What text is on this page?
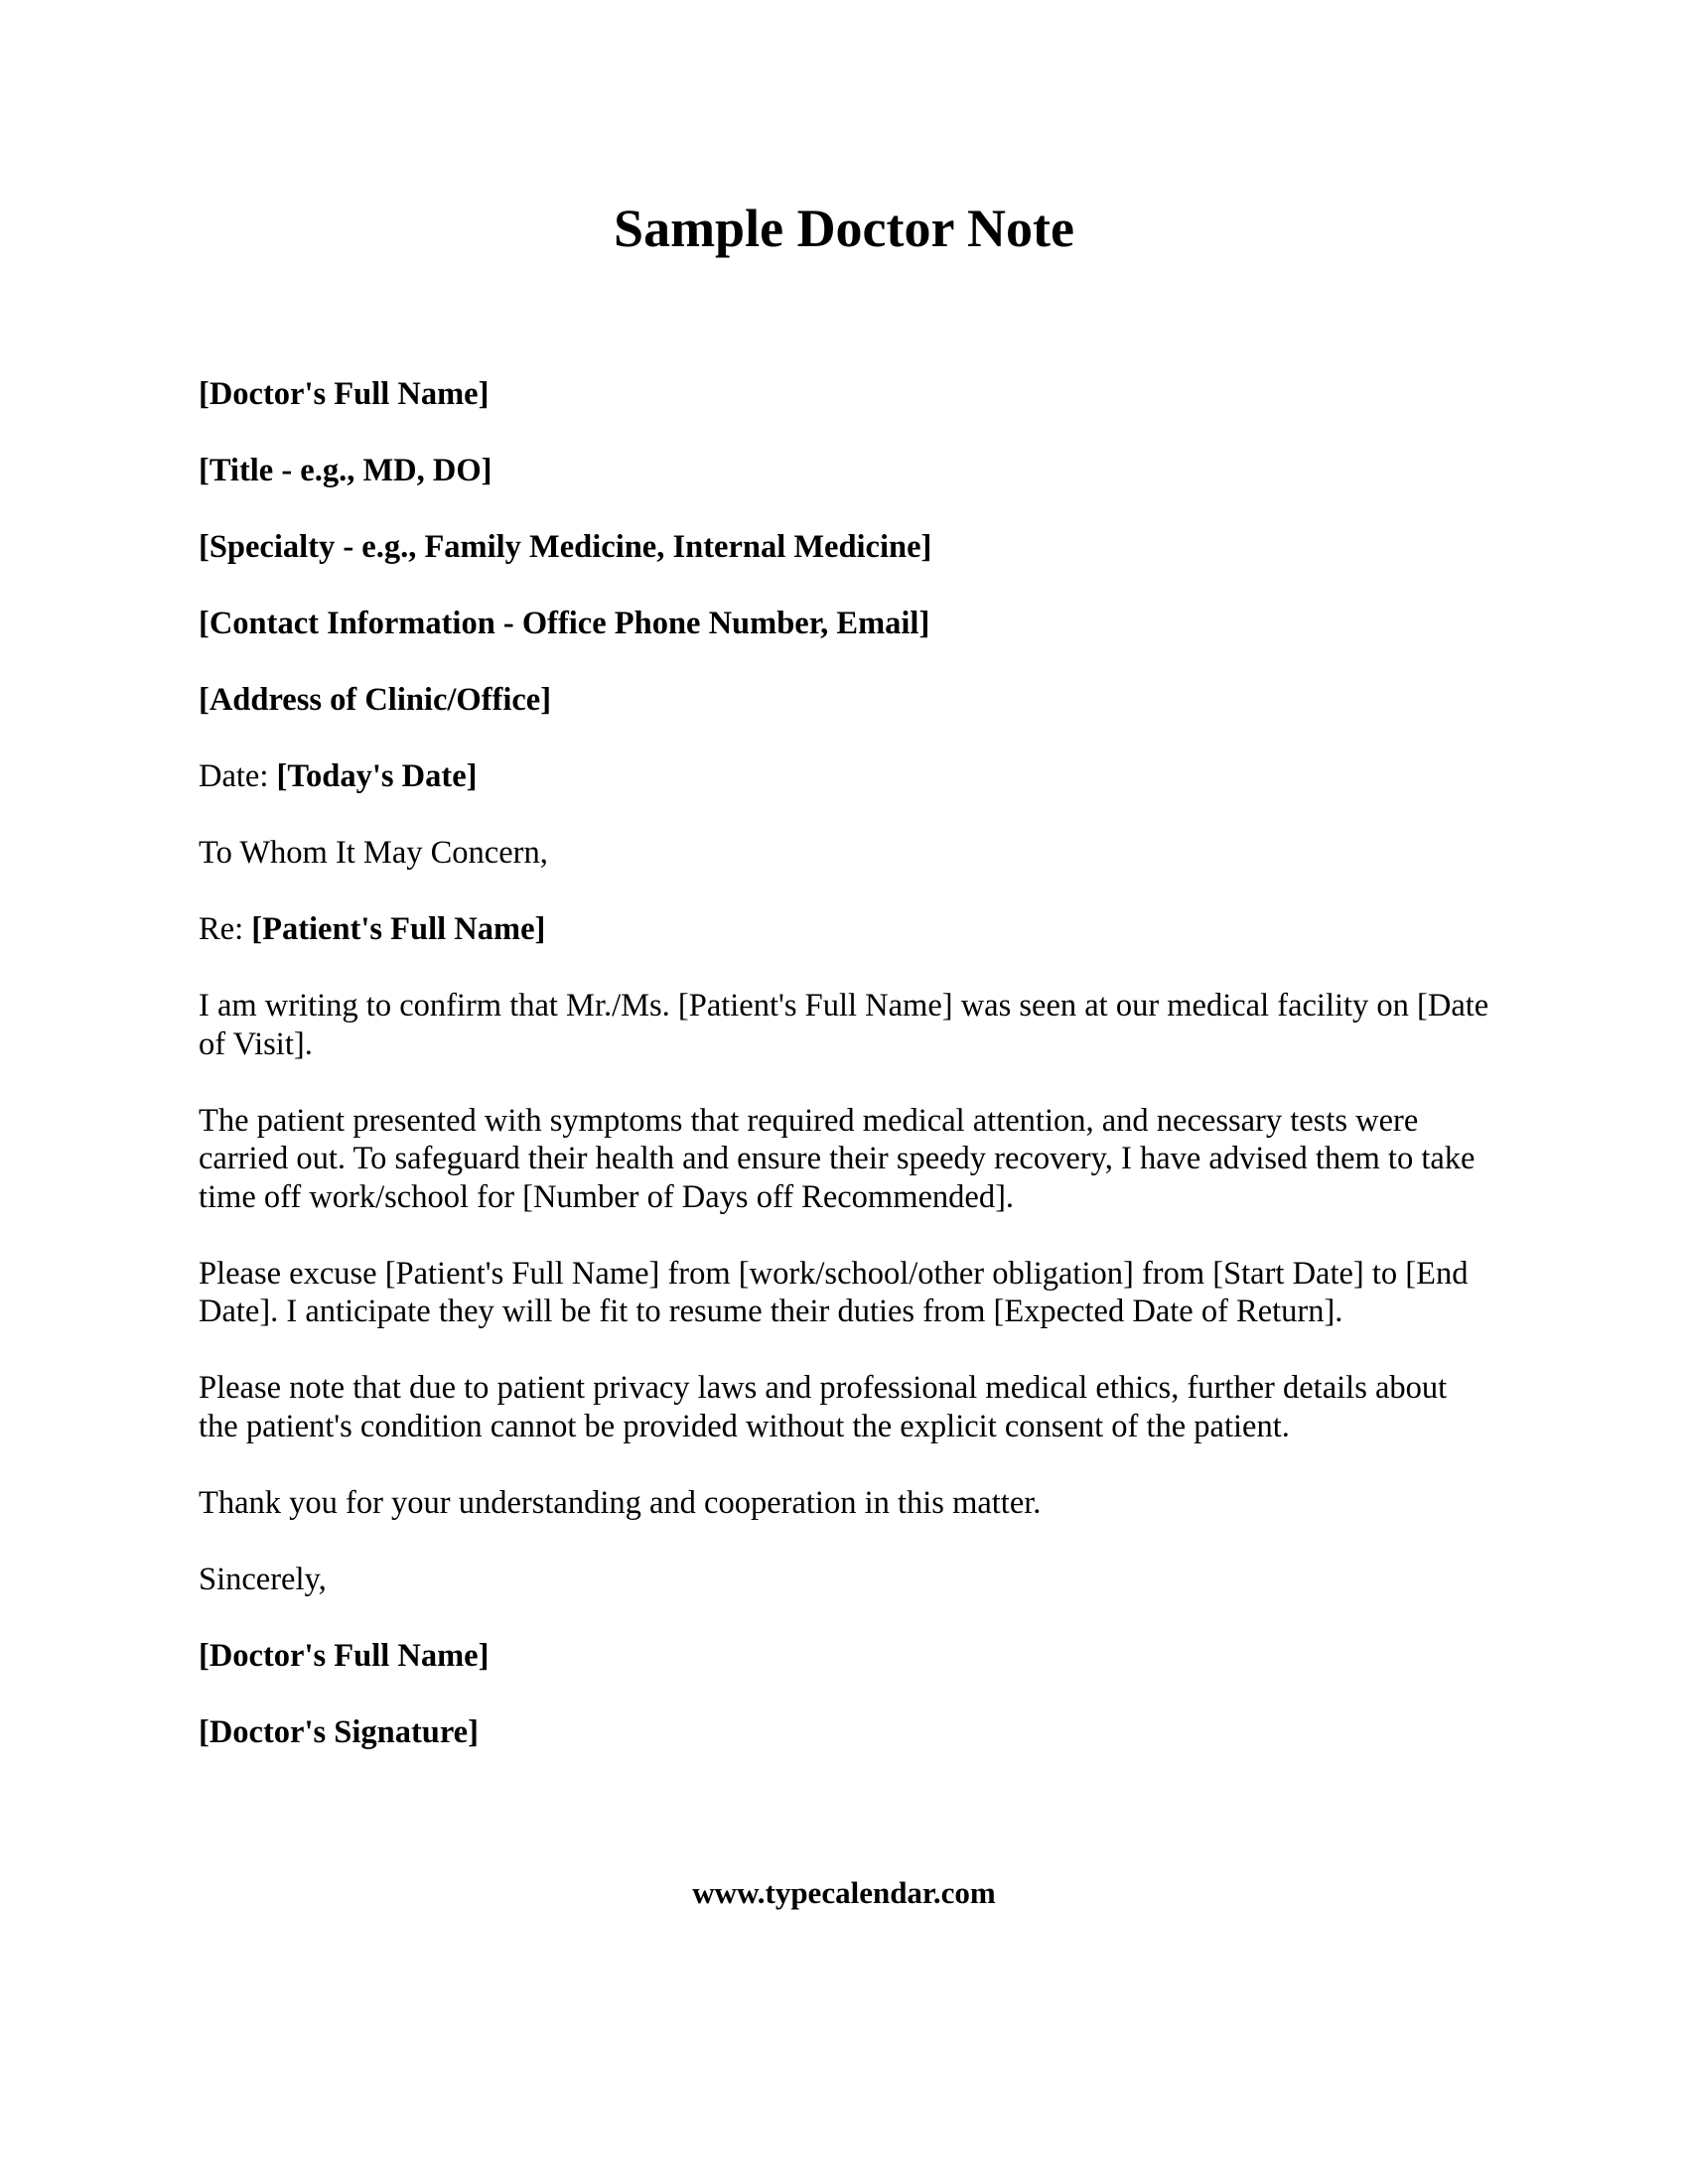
Sample Doctor Note

[Doctor's Full Name]

[Title - e.g., MD, DO]

[Specialty - e.g., Family Medicine, Internal Medicine]

[Contact Information - Office Phone Number, Email]

[Address of Clinic/Office]

Date: [Today's Date]

To Whom It May Concern,

Re: [Patient's Full Name]

I am writing to confirm that Mr./Ms. [Patient's Full Name] was seen at our medical facility on [Date of Visit].

The patient presented with symptoms that required medical attention, and necessary tests were carried out. To safeguard their health and ensure their speedy recovery, I have advised them to take time off work/school for [Number of Days off Recommended].

Please excuse [Patient's Full Name] from [work/school/other obligation] from [Start Date] to [End Date]. I anticipate they will be fit to resume their duties from [Expected Date of Return].

Please note that due to patient privacy laws and professional medical ethics, further details about the patient's condition cannot be provided without the explicit consent of the patient.

Thank you for your understanding and cooperation in this matter.

Sincerely,

[Doctor's Full Name]

[Doctor's Signature]

www.typecalendar.com
